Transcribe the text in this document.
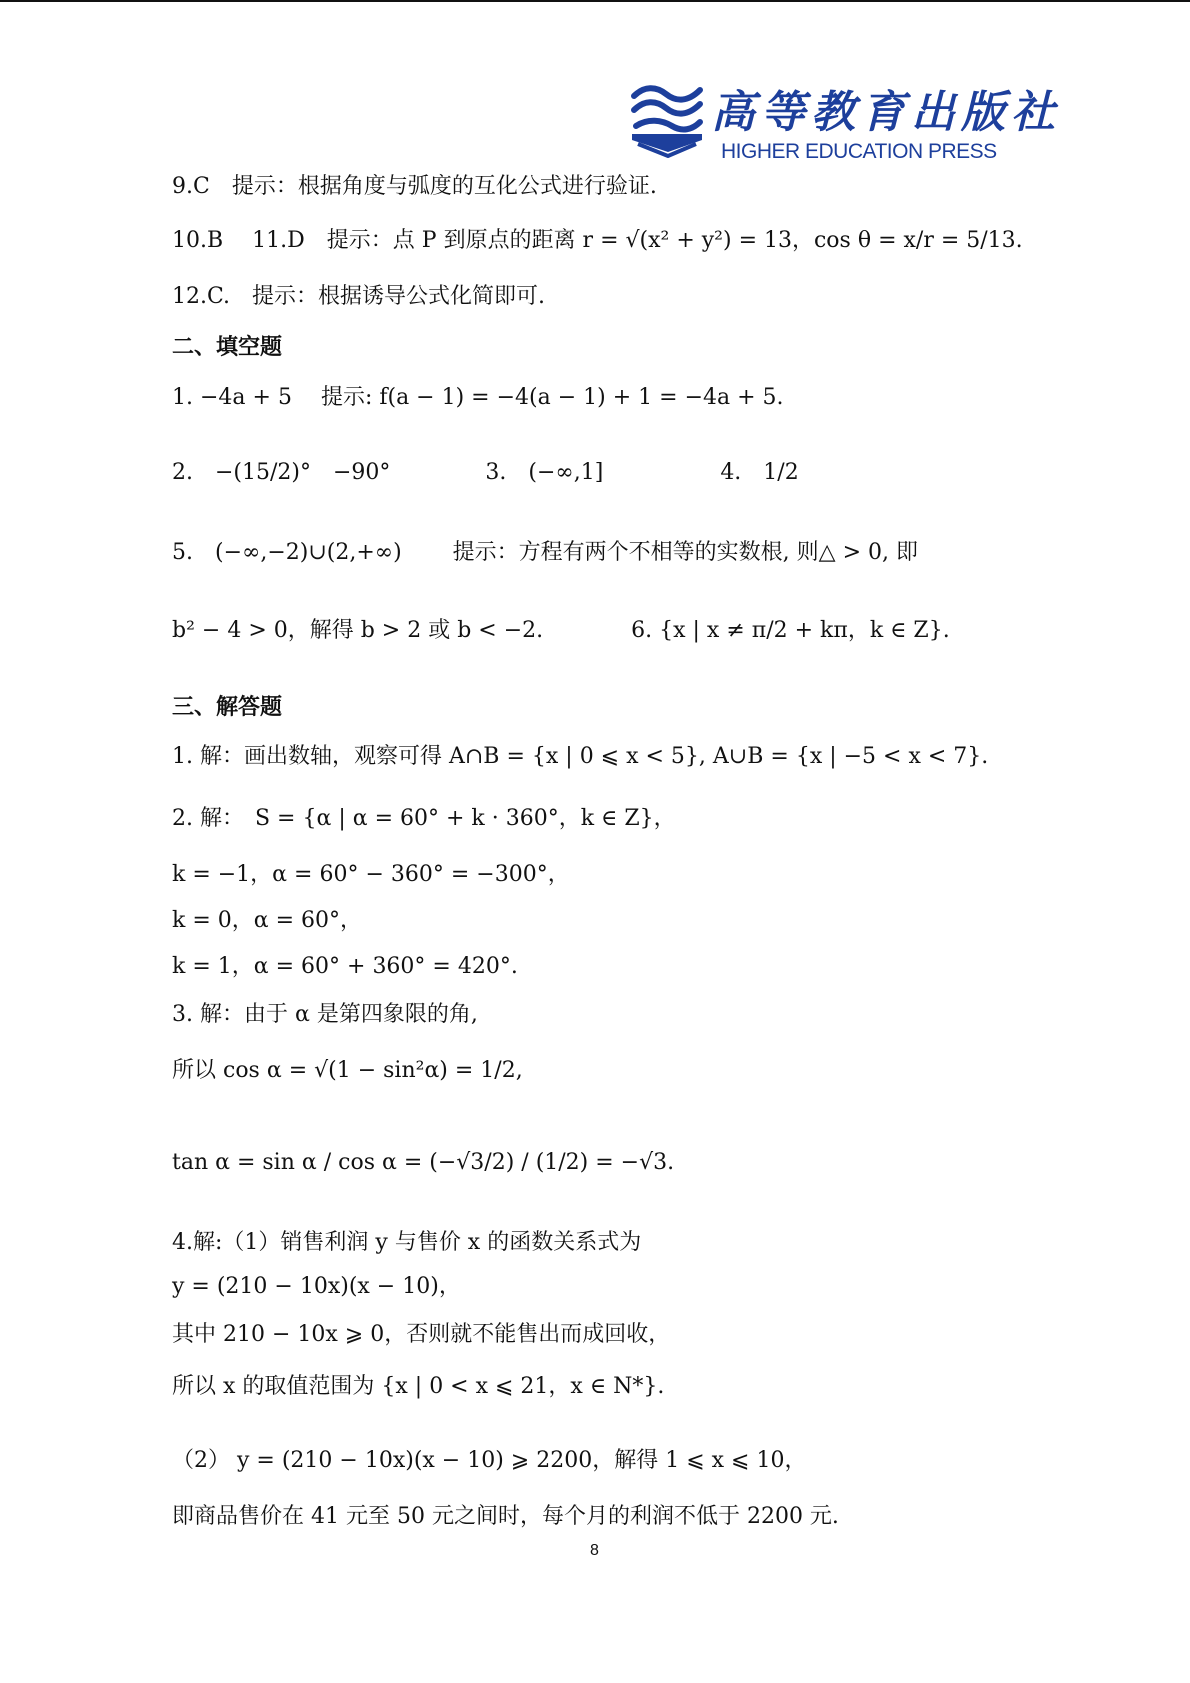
高等教育出版社
HIGHER EDUCATION PRESS
9.C　提示：根据角度与弧度的互化公式进行验证.
10.B　 11.D　提示：点 P 到原点的距离 r = √(x² + y²) = 13，cos θ = x/r = 5/13.
12.C.　提示：根据诱导公式化简即可.
二、填空题
1. −4a + 5　 提示: f(a − 1) = −4(a − 1) + 1 = −4a + 5.
2.　−(15/2)°　−90°　　　　 3.　(−∞,1]　　　　　 4.　1/2
5.　(−∞,−2)∪(2,+∞)　　 提示：方程有两个不相等的实数根, 则△ > 0, 即
b² − 4 > 0，解得 b > 2 或 b < −2.　　　　6. {x | x ≠ π/2 + kπ，k ∈ Z}.
三、解答题
1. 解：画出数轴，观察可得 A∩B = {x | 0 ⩽ x < 5}, A∪B = {x | −5 < x < 7}.
2. 解：　S = {α | α = 60° + k · 360°，k ∈ Z}，
k = −1，α = 60° − 360° = −300°，
k = 0，α = 60°，
k = 1，α = 60° + 360° = 420°.
3. 解：由于 α 是第四象限的角,
所以 cos α = √(1 − sin²α) = 1/2,
tan α = sin α / cos α = (−√3/2) / (1/2) = −√3.
4.解:（1）销售利润 y 与售价 x 的函数关系式为
y = (210 − 10x)(x − 10)，
其中 210 − 10x ⩾ 0，否则就不能售出而成回收，
所以 x 的取值范围为 {x | 0 < x ⩽ 21，x ∈ N*}.
（2） y = (210 − 10x)(x − 10) ⩾ 2200，解得 1 ⩽ x ⩽ 10，
即商品售价在 41 元至 50 元之间时，每个月的利润不低于 2200 元.
8
